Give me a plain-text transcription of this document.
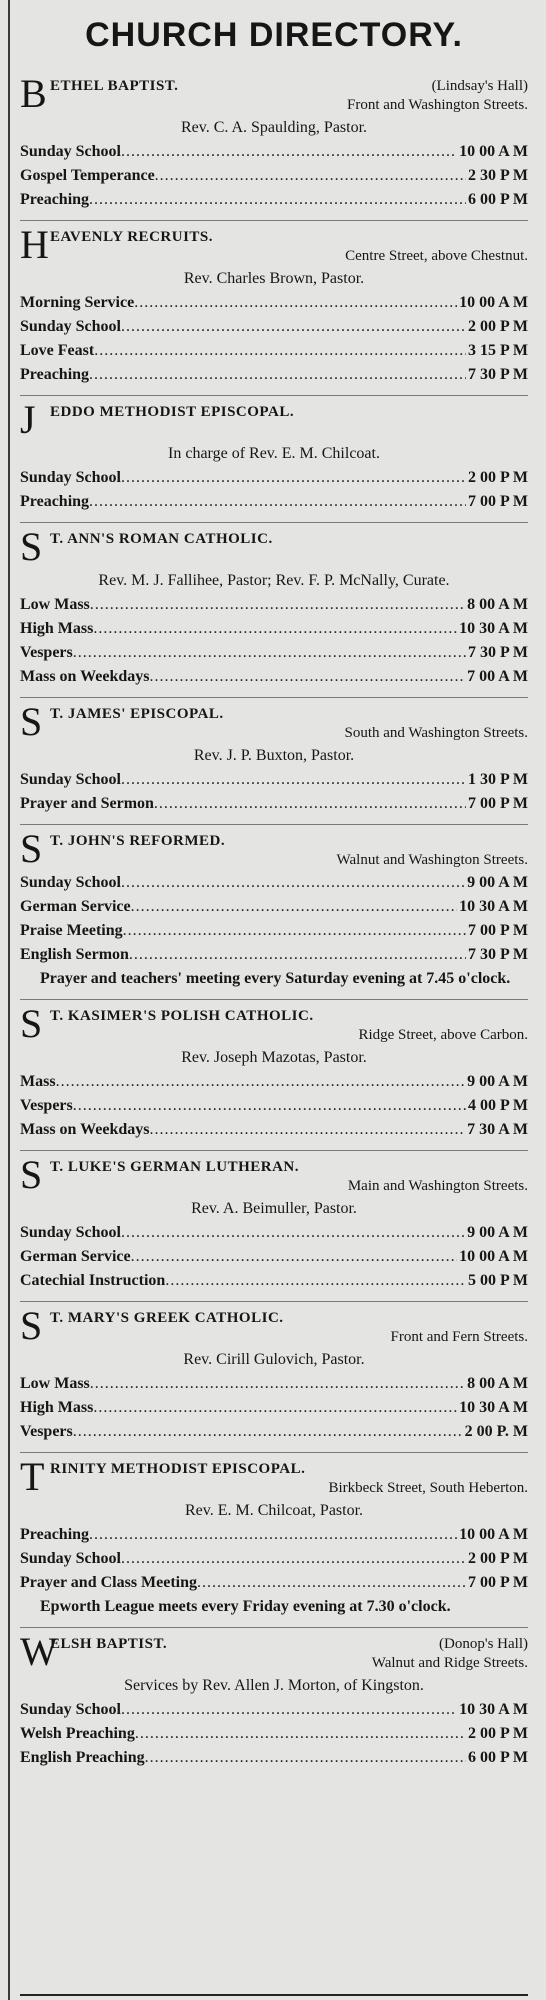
CHURCH DIRECTORY.
B ETHEL BAPTIST.	(Lindsay's Hall)
Front and Washington Streets.
Rev. C. A. Spaulding, Pastor.
Sunday School .....	10 00 A M
Gospel Temperance .....	2 30 P M
Preaching .....	6 00 P M
H EAVENLY RECRUITS.
Centre Street, above Chestnut.
Rev. Charles Brown, Pastor.
Morning Service .....	10 00 A M
Sunday School .....	2 00 P M
Love Feast .....	3 15 P M
Preaching .....	7 30 P M
J EDDO METHODIST EPISCOPAL.
In charge of Rev. E. M. Chilcoat.
Sunday School .....	2 00 P M
Preaching .....	7 00 P M
S T. ANN'S ROMAN CATHOLIC.
Rev. M. J. Fallihee, Pastor; Rev. F. P. McNally, Curate.
Low Mass .....	8 00 A M
High Mass .....	10 30 A M
Vespers .....	7 30 P M
Mass on Weekdays .....	7 00 A M
S T. JAMES' EPISCOPAL.
South and Washington Streets.
Rev. J. P. Buxton, Pastor.
Sunday School .....	1 30 P M
Prayer and Sermon .....	7 00 P M
S T. JOHN'S REFORMED.
Walnut and Washington Streets.
Sunday School .....	9 00 A M
German Service .....	10 30 A M
Praise Meeting .....	7 00 P M
English Sermon .....	7 30 P M
Prayer and teachers' meeting every Saturday evening at 7.45 o'clock.
S T. KASIMER'S POLISH CATHOLIC.
Ridge Street, above Carbon.
Rev. Joseph Mazotas, Pastor.
Mass .....	9 00 A M
Vespers .....	4 00 P M
Mass on Weekdays .....	7 30 A M
S T. LUKE'S GERMAN LUTHERAN.
Main and Washington Streets.
Rev. A. Beimuller, Pastor.
Sunday School .....	9 00 A M
German Service .....	10 00 A M
Catechial Instruction .....	5 00 P M
S T. MARY'S GREEK CATHOLIC.
Front and Fern Streets.
Rev. Cirill Gulovich, Pastor.
Low Mass .....	8 00 A M
High Mass .....	10 30 A M
Vespers .....	2 00 P. M
T RINITY METHODIST EPISCOPAL.
Birkbeck Street, South Heberton.
Rev. E. M. Chilcoat, Pastor.
Preaching .....	10 00 A M
Sunday School .....	2 00 P M
Prayer and Class Meeting .....	7 00 P M
Epworth League meets every Friday evening at 7.30 o'clock.
W
ELSH BAPTIST.	(Donop's Hall)
Walnut and Ridge Streets.
Services by Rev. Allen J. Morton, of Kingston.
Sunday School .....	10 30 A M
Welsh Preaching .....	2 00 P M
English Preaching .....	6 00 P M
